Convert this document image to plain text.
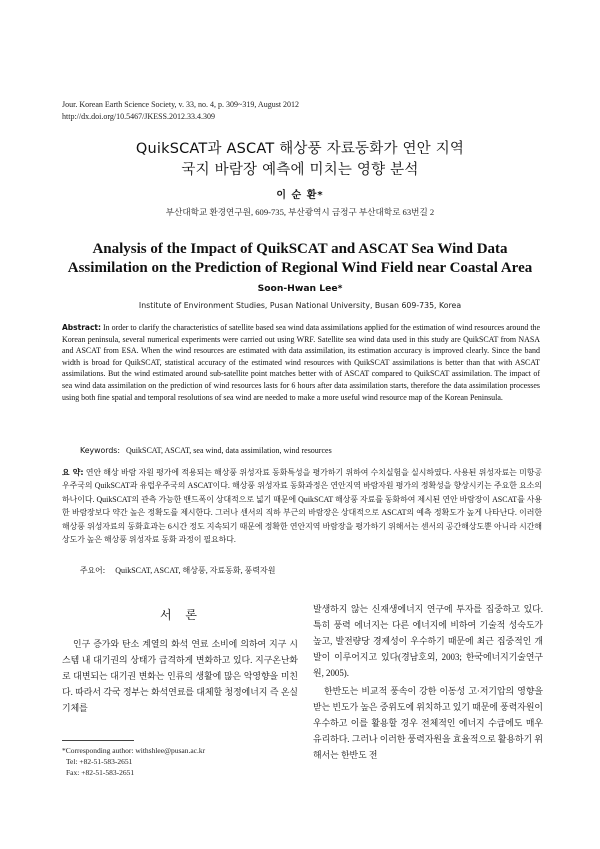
Jour. Korean Earth Science Society, v. 33, no. 4, p. 309~319, August 2012
http://dx.doi.org/10.5467/JKESS.2012.33.4.309
QuikSCAT과 ASCAT 해상풍 자료동화가 연안 지역
국지 바람장 예측에 미치는 영향 분석
이 순 환*
부산대학교 환경연구원, 609-735, 부산광역시 금정구 부산대학로 63번길 2
Analysis of the Impact of QuikSCAT and ASCAT Sea Wind Data
Assimilation on the Prediction of Regional Wind Field near Coastal Area
Soon-Hwan Lee*
Institute of Environment Studies, Pusan National University, Busan 609-735, Korea
Abstract: In order to clarify the characteristics of satellite based sea wind data assimilations applied for the estimation of wind resources around the Korean peninsula, several numerical experiments were carried out using WRF. Satellite sea wind data used in this study are QuikSCAT from NASA and ASCAT from ESA. When the wind resources are estimated with data assimilation, its estimation accuracy is improved clearly. Since the band width is broad for QuikSCAT, statistical accuracy of the estimated wind resources with QuikSCAT assimilations is better than that with ASCAT assimilations. But the wind estimated around sub-satellite point matches better with of ASCAT compared to QuikSCAT assimilation. The impact of sea wind data assimilation on the prediction of wind resources lasts for 6 hours after data assimilation starts, therefore the data assimilation processes using both fine spatial and temporal resolutions of sea wind are needed to make a more useful wind resource map of the Korean Peninsula.
Keywords: QuikSCAT, ASCAT, sea wind, data assimilation, wind resources
요 약: 연안 해상 바람 자원 평가에 적용되는 해상풍 위성자료 동화특성을 평가하기 위하여 수치실험을 실시하였다. 사용된 위성자료는 미항공우주국의 QuikSCAT과 유럽우주국의 ASCAT이다. 해상풍 위성자료 동화과정은 연안지역 바람자원 평가의 정확성을 향상시키는 주요한 요소의 하나이다. QuikSCAT의 관측 가능한 밴드폭이 상대적으로 넓기 때문에 QuikSCAT 해상풍 자료를 동화하여 제시된 연안 바람장이 ASCAT를 사용한 바람장보다 약간 높은 정확도를 제시한다. 그러나 센서의 직하 부근의 바람장은 상대적으로 ASCAT의 예측 정확도가 높게 나타난다. 이러한 해상풍 위성자료의 동화효과는 6시간 정도 지속되기 때문에 정확한 연안지역 바람장을 평가하기 위해서는 센서의 공간해상도뿐 아니라 시간해상도가 높은 해상풍 위성자료 동화 과정이 필요하다.
주요어: QuikSCAT, ASCAT, 해상풍, 자료동화, 풍력자원
서 론

인구 증가와 탄소 계열의 화석 연료 소비에 의하여 지구 시스템 내 대기권의 상태가 급격하게 변화하고 있다. 지구온난화로 대변되는 대기권 변화는 인류의 생활에 많은 악영향을 미친다. 따라서 각국 정부는 화석연료를 대체할 청정에너지 즉 온실기체를

발생하지 않는 신재생에너지 연구에 투자를 집중하고 있다. 특히 풍력 에너지는 다른 에너지에 비하여 기술적 성숙도가 높고, 발전량당 경제성이 우수하기 때문에 최근 집중적인 개발이 이루어지고 있다(경남호외, 2003; 한국에너지기술연구원, 2005).

한반도는 비교적 풍속이 강한 이동성 고·저기압의 영향을 받는 빈도가 높은 중위도에 위치하고 있기 때문에 풍력자원이 우수하고 이를 활용할 경우 전체적인 에너지 수급에도 매우 유리하다. 그러나 이러한 풍력자원을 효율적으로 활용하기 위해서는 한반도 전

*Corresponding author: withshlee@pusan.ac.kr
Tel: +82-51-583-2651
Fax: +82-51-583-2651
